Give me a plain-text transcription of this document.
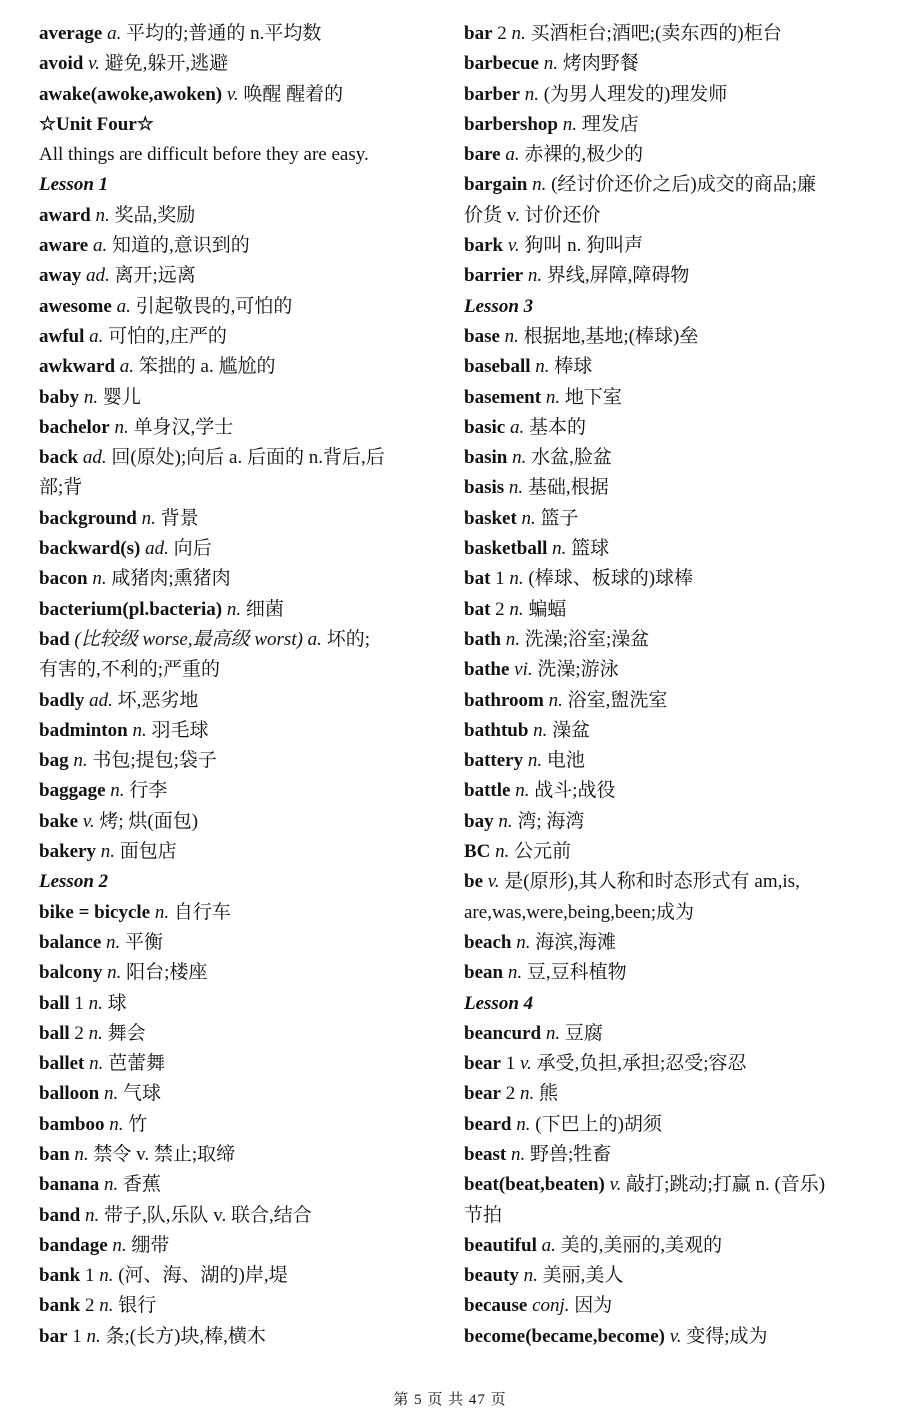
average a. 平均的;普通的 n.平均数
avoid v. 避免,躲开,逃避
awake(awoke,awoken) v. 唤醒 醒着的
☆Unit Four☆
All things are difficult before they are easy.
Lesson 1
award n. 奖品,奖励
aware a. 知道的,意识到的
away ad. 离开;远离
awesome a. 引起敬畏的,可怕的
awful a. 可怕的,庄严的
awkward a. 笨拙的 a. 尴尬的
baby n. 婴儿
bachelor n. 单身汉,学士
back ad. 回(原处);向后 a. 后面的 n.背后,后
部;背
background n. 背景
backward(s) ad. 向后
bacon n. 咸猪肉;熏猪肉
bacterium(pl.bacteria) n. 细菌
bad (比较级 worse,最高级 worst) a. 坏的;
有害的,不利的;严重的
badly ad. 坏,恶劣地
badminton n. 羽毛球
bag n. 书包;提包;袋子
baggage n. 行李
bake v. 烤; 烘(面包)
bakery n. 面包店
Lesson 2
bike = bicycle n. 自行车
balance n. 平衡
balcony n. 阳台;楼座
ball 1 n. 球
ball 2 n. 舞会
ballet n. 芭蕾舞
balloon n. 气球
bamboo n. 竹
ban n. 禁令 v. 禁止;取缔
banana n. 香蕉
band n. 带子,队,乐队 v. 联合,结合
bandage n. 绷带
bank 1 n. (河、海、湖的)岸,堤
bank 2 n. 银行
bar 1 n. 条;(长方)块,棒,横木
bar 2 n. 买酒柜台;酒吧;(卖东西的)柜台
barbecue n. 烤肉野餐
barber n. (为男人理发的)理发师
barbershop n. 理发店
bare a. 赤裸的,极少的
bargain n. (经讨价还价之后)成交的商品;廉
价货 v. 讨价还价
bark v. 狗叫 n. 狗叫声
barrier n. 界线,屏障,障碍物
Lesson 3
base n. 根据地,基地;(棒球)垒
baseball n. 棒球
basement n. 地下室
basic a. 基本的
basin n. 水盆,脸盆
basis n. 基础,根据
basket n. 篮子
basketball n. 篮球
bat 1 n. (棒球、板球的)球棒
bat 2 n. 蝙蝠
bath n. 洗澡;浴室;澡盆
bathe vi. 洗澡;游泳
bathroom n. 浴室,盥洗室
bathtub n. 澡盆
battery n. 电池
battle n. 战斗;战役
bay n. 湾; 海湾
BC n. 公元前
be v. 是(原形),其人称和时态形式有 am,is,
are,was,were,being,been;成为
beach n. 海滨,海滩
bean n. 豆,豆科植物
Lesson 4
beancurd n. 豆腐
bear 1 v. 承受,负担,承担;忍受;容忍
bear 2 n. 熊
beard n. (下巴上的)胡须
beast n. 野兽;牲畜
beat(beat,beaten) v. 敲打;跳动;打赢 n. (音乐)
节拍
beautiful a. 美的,美丽的,美观的
beauty n. 美丽,美人
because conj. 因为
become(became,become) v. 变得;成为
第 5 页 共 47 页
